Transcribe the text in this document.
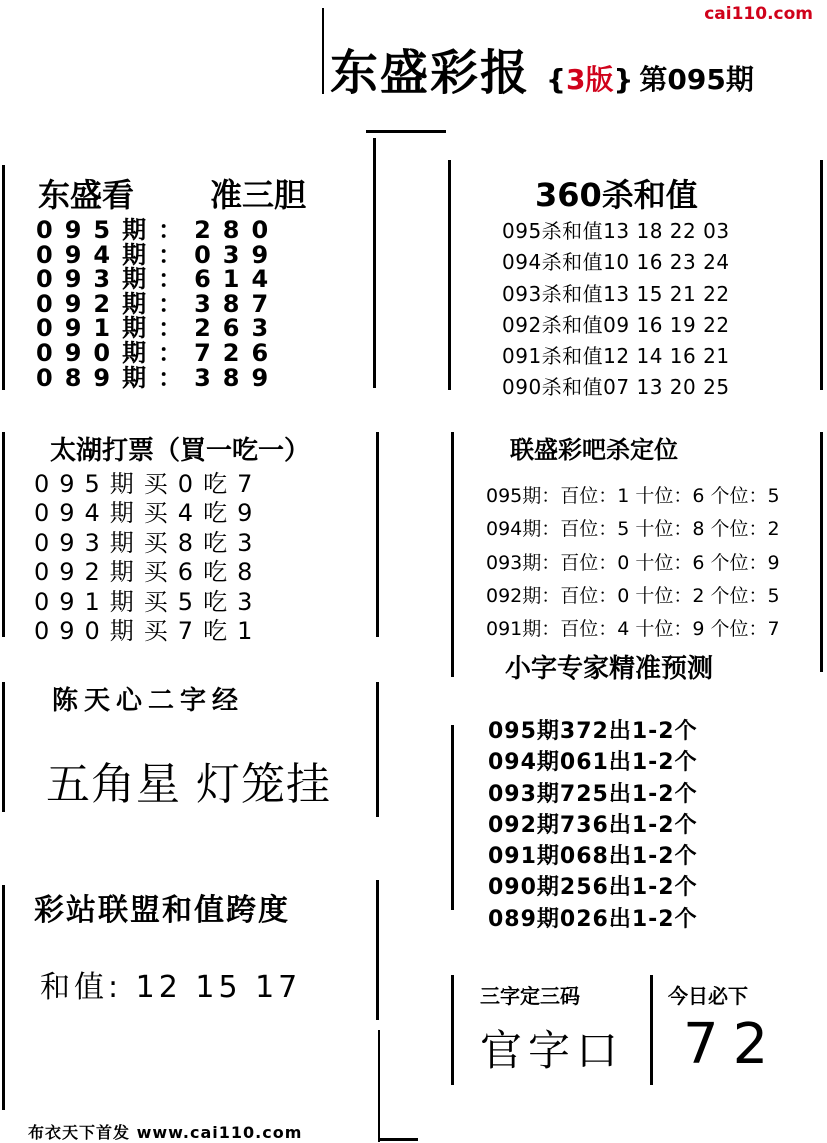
cai110.com
东盛彩报 { 3版 } 第095期
东盛看 准三胆
095期：280
094期：039
093期：614
092期：387
091期：263
090期：726
089期：389
360杀和值
095杀和值13 18 22 03
094杀和值10 16 23 24
093杀和值13 15 21 22
092杀和值09 16 19 22
091杀和值12 14 16 21
090杀和值07 13 20 25
太湖打票（買一吃一）
095期买0吃7
094期买4吃9
093期买8吃3
092期买6吃8
091期买5吃3
090期买7吃1
联盛彩吧杀定位
095期：百位：1 十位：6 个位：5
094期：百位：5 十位：8 个位：2
093期：百位：0 十位：6 个位：9
092期：百位：0 十位：2 个位：5
091期：百位：4 十位：9 个位：7
陈天心二字经
五角星 灯笼挂
小字专家精准预测
095期372出1-2个
094期061出1-2个
093期725出1-2个
092期736出1-2个
091期068出1-2个
090期256出1-2个
089期026出1-2个
彩站联盟和值跨度
和值: 12 15 17	三字定三码	今日必下
官字口 72
布衣天下首发 www.cai110.com
